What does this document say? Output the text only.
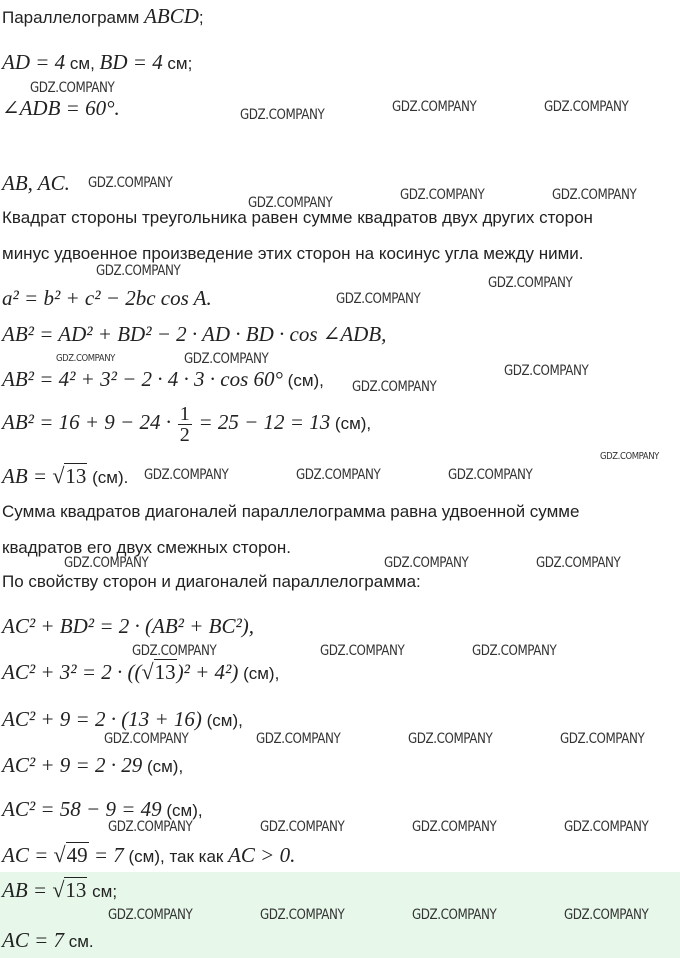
Параллелограмм ABCD;
AD = 4 см, BD = 4 см;
∠ADB = 60°.
AB, AC.
Квадрат стороны треугольника равен сумме квадратов двух других сторон
минус удвоенное произведение этих сторон на косинус угла между ними.
a² = b² + c² − 2bc cos A.
AB² = AD² + BD² − 2 · AD · BD · cos ∠ADB,
AB² = 4² + 3² − 2 · 4 · 3 · cos 60° (см),
$AB^2 = 16 + 9 - 24 \cdot \frac{1}{2} = 25 - 12 = 13$ (см),
AB = √13 (см).
Сумма квадратов диагоналей параллелограмма равна удвоенной сумме
квадратов его двух смежных сторон.
По свойству сторон и диагоналей параллелограмма:
AC² + BD² = 2 · (AB² + BC²),
AC² + 3² = 2 · ((√13)² + 4²) (см),
AC² + 9 = 2 · (13 + 16) (см),
AC² + 9 = 2 · 29 (см),
AC² = 58 − 9 = 49 (см),
AC = √49 = 7 (см), так как AC > 0.
AB = √13 см;
AC = 7 см.
GDZ.COMPANY
GDZ.COMPANY	GDZ.COMPANY	GDZ.COMPANY
GDZ.COMPANY
GDZ.COMPANY	GDZ.COMPANY	GDZ.COMPANY
GDZ.COMPANY
GDZ.COMPANY
GDZ.COMPANY
GDZ.COMPANY	GDZ.COMPANY
GDZ.COMPANY
GDZ.COMPANY
GDZ.COMPANY
GDZ.COMPANY	GDZ.COMPANY	GDZ.COMPANY
GDZ.COMPANY	GDZ.COMPANY	GDZ.COMPANY
GDZ.COMPANY	GDZ.COMPANY	GDZ.COMPANY
GDZ.COMPANY	GDZ.COMPANY	GDZ.COMPANY	GDZ.COMPANY
GDZ.COMPANY	GDZ.COMPANY	GDZ.COMPANY	GDZ.COMPANY
GDZ.COMPANY	GDZ.COMPANY	GDZ.COMPANY	GDZ.COMPANY
